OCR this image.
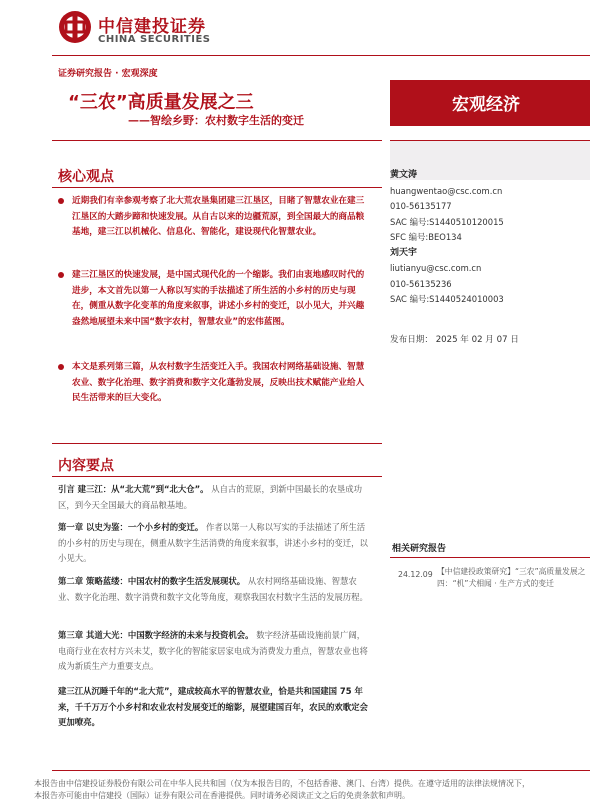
中信建投证券
CHINA SECURITIES
证券研究报告 · 宏观深度
“三农”高质量发展之三
——智绘乡野：农村数字生活的变迁
宏观经济
核心观点
近期我们有幸参观考察了北大荒农垦集团建三江垦区，目睹了智慧农业在建三江垦区的大踏步蹄和快速发展。从自古以来的边疆荒原，到全国最大的商品粮基地，建三江以机械化、信息化、智能化，建设现代化智慧农业。
建三江垦区的快速发展，是中国式现代化的一个缩影。我们由衷地感叹时代的进步，本文首先以第一人称以写实的手法描述了所生活的小乡村的历史与现在，侧重从数字化变革的角度来叙事，讲述小乡村的变迁，以小见大，并兴趣盎然地展望未来中国“数字农村，智慧农业”的宏伟蓝图。
本文是系列第三篇，从农村数字生活变迁入手。我国农村网络基础设施、智慧农业、数字化治理、数字消费和数字文化蓬勃发展，反映出技术赋能产业给人民生活带来的巨大变化。
内容要点
引言 建三江：从“北大荒”到“北大仓”。 从自古的荒原，到新中国最长的农垦成功区，到今天全国最大的商品粮基地。
第一章 以史为鉴：一个小乡村的变迁。 作者以第一人称以写实的手法描述了所生活的小乡村的历史与现在，侧重从数字生活消费的角度来叙事，讲述小乡村的变迁，以小见大。
第二章 策略蓝缕：中国农村的数字生活发展现状。 从农村网络基础设施、智慧农业、数字化治理、数字消费和数字文化等角度，观察我国农村数字生活的发展历程。
第三章 其道大光：中国数字经济的未来与投资机会。 数字经济基础设施前景广阔，电商行业在农村方兴未艾，数字化的智能家居家电成为消费发力重点，智慧农业也将成为新质生产力重要支点。
建三江从沉睡千年的“北大荒”，建成较高水平的智慧农业，恰是共和国建国 75 年来，千千万万个小乡村和农业农村发展变迁的缩影，展望建国百年，农民的欢歌定会更加嘹亮。
黄文涛
huangwentao@csc.com.cn
010-56135177
SAC 编号:S1440510120015
SFC 编号:BEO134
刘天宇
liutianyu@csc.com.cn
010-56135236
SAC 编号:S1440524010003
发布日期： 2025 年 02 月 07 日
相关研究报告
24.12.09 【中信建投政策研究】“三农”高质量发展之四：“机”犬相闻 · 生产方式的变迁
本报告由中信建投证券股份有限公司在中华人民共和国（仅为本报告目的，不包括香港、澳门、台湾）提供。在遵守适用的法律法规情况下，
本报告亦可能由中信建投（国际）证券有限公司在香港提供。同时请务必阅读正文之后的免责条款和声明。
